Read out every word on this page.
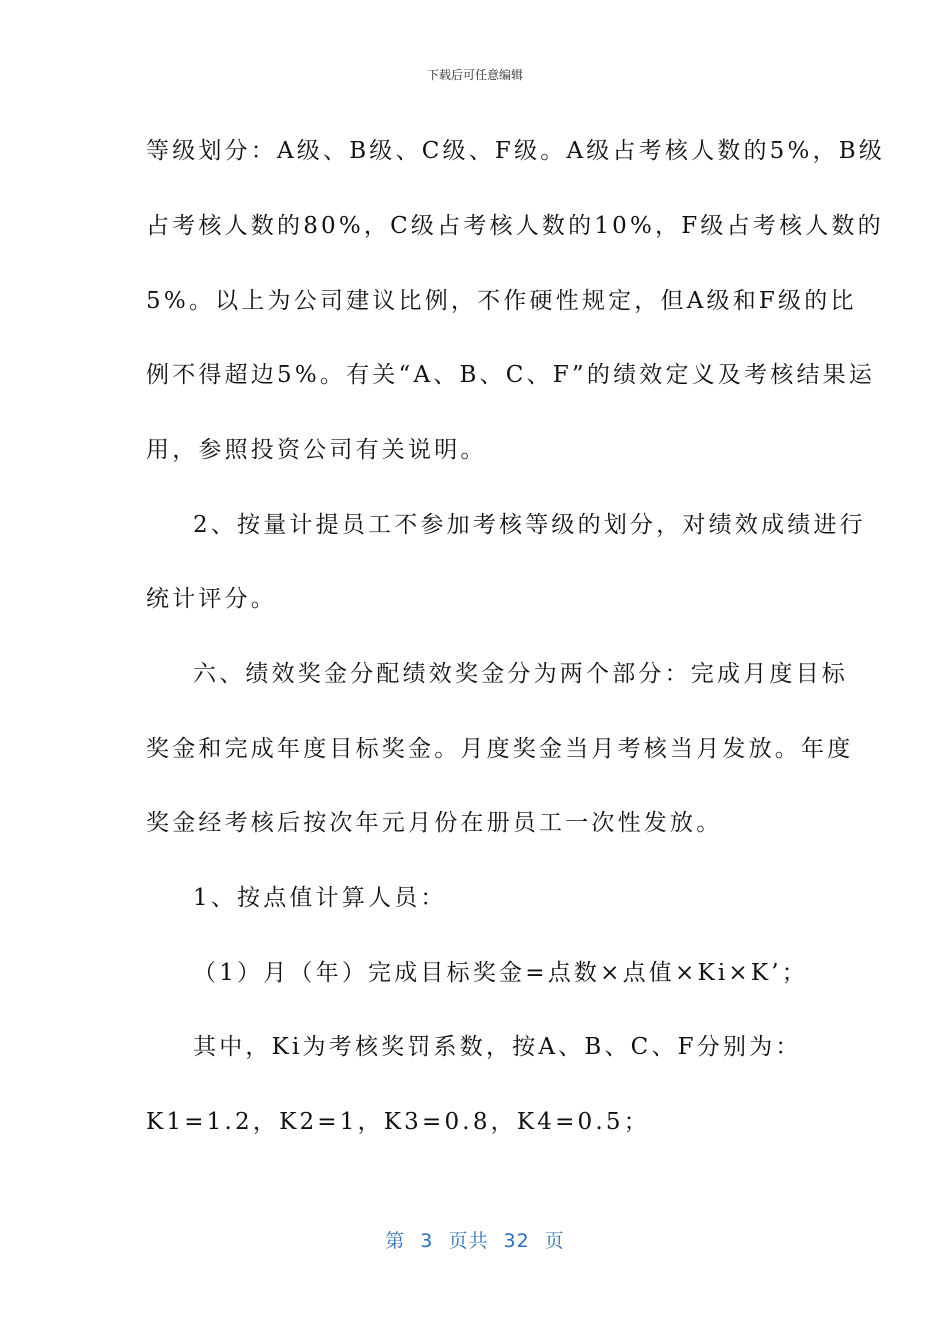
下载后可任意编辑
等级划分：A级、B级、C级、F级。A级占考核人数的5%，B级
占考核人数的80%，C级占考核人数的10%，F级占考核人数的
5%。以上为公司建议比例，不作硬性规定，但A级和F级的比
例不得超边5%。有关“A、B、C、F”的绩效定义及考核结果运
用，参照投资公司有关说明。
2、按量计提员工不参加考核等级的划分，对绩效成绩进行
统计评分。
六、绩效奖金分配绩效奖金分为两个部分：完成月度目标
奖金和完成年度目标奖金。月度奖金当月考核当月发放。年度
奖金经考核后按次年元月份在册员工一次性发放。
1、按点值计算人员：
（1）月（年）完成目标奖金=点数×点值×Ki×K’；
其中，Ki为考核奖罚系数，按A、B、C、F分别为：
K1=1.2，K2=1，K3=0.8，K4=0.5；
第 3 页共 32 页
